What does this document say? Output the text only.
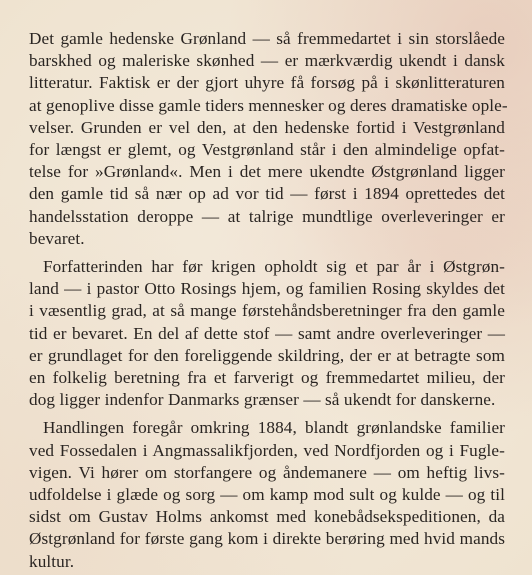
Det gamle hedenske Grønland — så fremmedartet i sin storslåede
barskhed og maleriske skønhed — er mærkværdig ukendt i dansk
litteratur. Faktisk er der gjort uhyre få forsøg på i skønlitteraturen
at genoplive disse gamle tiders mennesker og deres dramatiske ople-
velser. Grunden er vel den, at den hedenske fortid i Vestgrønland
for længst er glemt, og Vestgrønland står i den almindelige opfat-
telse for »Grønland«. Men i det mere ukendte Østgrønland ligger
den gamle tid så nær op ad vor tid — først i 1894 oprettedes det
handelsstation deroppe — at talrige mundtlige overleveringer er
bevaret.

Forfatterinden har før krigen opholdt sig et par år i Østgrøn-
land — i pastor Otto Rosings hjem, og familien Rosing skyldes det
i væsentlig grad, at så mange førstehåndsberetninger fra den gamle
tid er bevaret. En del af dette stof — samt andre overleveringer —
er grundlaget for den foreliggende skildring, der er at betragte som
en folkelig beretning fra et farverigt og fremmedartet milieu, der
dog ligger indenfor Danmarks grænser — så ukendt for danskerne.

Handlingen foregår omkring 1884, blandt grønlandske familier
ved Fossedalen i Angmassalikfjorden, ved Nordfjorden og i Fugle-
vigen. Vi hører om storfangere og åndemanere — om heftig livs-
udfoldelse i glæde og sorg — om kamp mod sult og kulde — og til
sidst om Gustav Holms ankomst med konebådsekspeditionen, da
Østgrønland for første gang kom i direkte berøring med hvid mands
kultur.
